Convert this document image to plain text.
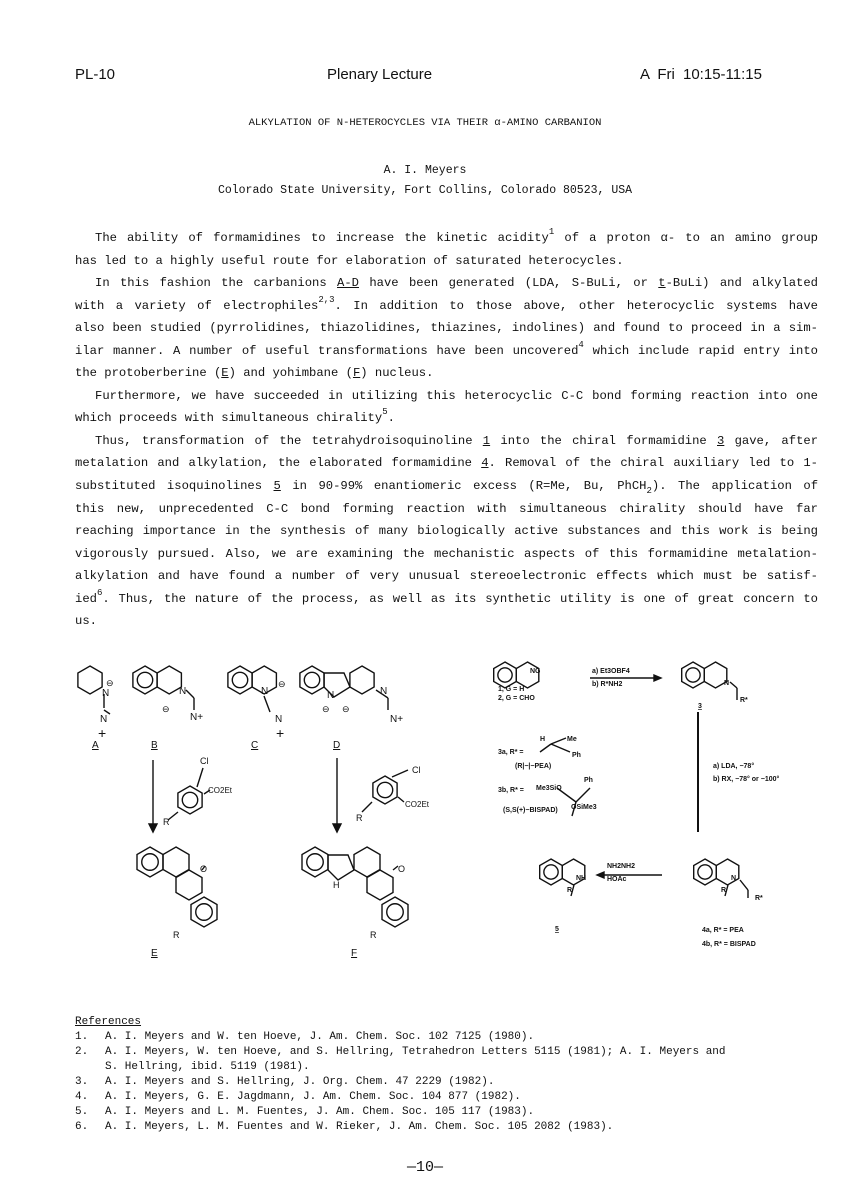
PL-10	Plenary Lecture	A Fri 10:15-11:15
ALKYLATION OF N-HETEROCYCLES VIA THEIR α-AMINO CARBANION
A. I. Meyers
Colorado State University, Fort Collins, Colorado 80523, USA
The ability of formamidines to increase the kinetic acidity$^1$ of a proton α- to an amino group
has led to a highly useful route for elaboration of saturated heterocycles.
In this fashion the carbanions A-D have been generated (LDA, S-BuLi, or t-BuLi) and alkylated
with a variety of electrophiles$^{2,3}$. In addition to those above, other heterocyclic systems have
also been studied (pyrrolidines, thiazolidines, thiazines, indolines) and found to proceed in a sim-
ilar manner. A number of useful transformations have been uncovered$^4$ which include rapid entry into
the protoberberine (E) and yohimbane (F) nucleus.
Furthermore, we have succeeded in utilizing this heterocyclic C-C bond forming reaction into one
which proceeds with simultaneous chirality$^5$.
Thus, transformation of the tetrahydroisoquinoline 1 into the chiral formamidine 3 gave, after
metalation and alkylation, the elaborated formamidine 4. Removal of the chiral auxiliary led to 1-
substituted isoquinolines 5 in 90-99% enantiomeric excess (R=Me, Bu, PhCH$_2$). The application of
this new, unprecedented C-C bond forming reaction with simultaneous chirality should have far
reaching importance in the synthesis of many biologically active substances and this work is being
vigorously pursued. Also, we are examining the mechanistic aspects of this formamidine metalation-
alkylation and have found a number of very unusual stereoelectronic effects which must be satisf-
ied$^6$. Thus, the nature of the process, as well as its synthetic utility is one of great concern to
us.
A	B	C	D
E	F
N
N
+
⊖
N
⊖
N+
N
⊖
N
+
N
⊖ ⊖
N
N+
Cl
CO2Et
R
Cl
CO2Et
R
O
R
O
H
R
NG
1, G = H
2, G = CHO
a) Et3OBF4
b) R*NH2	N
R*
3
a) LDA, −78°
b) RX, −78° or −100°
3a, R* =
H	Me
Ph
(R|−|−PEA)
3b, R* = Me3SiO
Ph
OSiMe3
(S,S(+)−BISPAD)
NH2NH2
HOAc
NH
R
5
N
R
R*
4a, R* = PEA
4b, R* = BISPAD
References
1. A. I. Meyers and W. ten Hoeve, J. Am. Chem. Soc. 102 7125 (1980).
2. A. I. Meyers, W. ten Hoeve, and S. Hellring, Tetrahedron Letters 5115 (1981); A. I. Meyers and
S. Hellring, ibid. 5119 (1981).
3. A. I. Meyers and S. Hellring, J. Org. Chem. 47 2229 (1982).
4. A. I. Meyers, G. E. Jagdmann, J. Am. Chem. Soc. 104 877 (1982).
5. A. I. Meyers and L. M. Fuentes, J. Am. Chem. Soc. 105 117 (1983).
6. A. I. Meyers, L. M. Fuentes and W. Rieker, J. Am. Chem. Soc. 105 2082 (1983).
—10—
